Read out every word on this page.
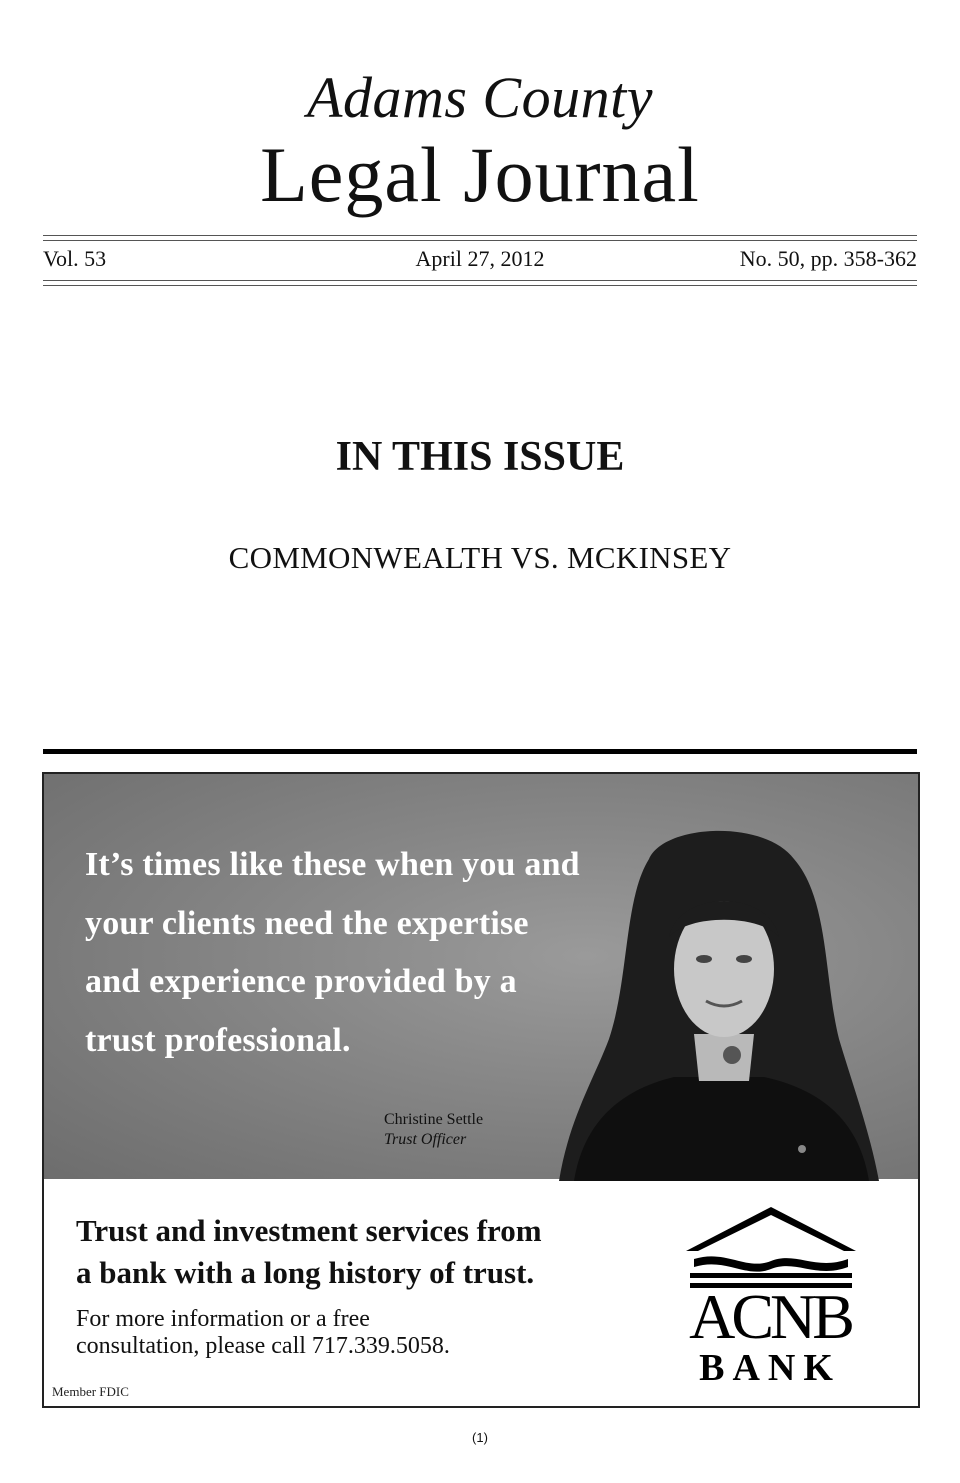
Adams County
Legal Journal
Vol. 53	April 27, 2012	No. 50, pp. 358-362
IN THIS ISSUE
COMMONWEALTH VS. MCKINSEY
It’s times like these when you and
your clients need the expertise
and experience provided by a
trust professional.
Christine Settle
Trust Officer
Trust and investment services from
a bank with a long history of trust.
For more information or a free
consultation, please call 717.339.5058.
Member FDIC
ACNB
BANK
(1)
